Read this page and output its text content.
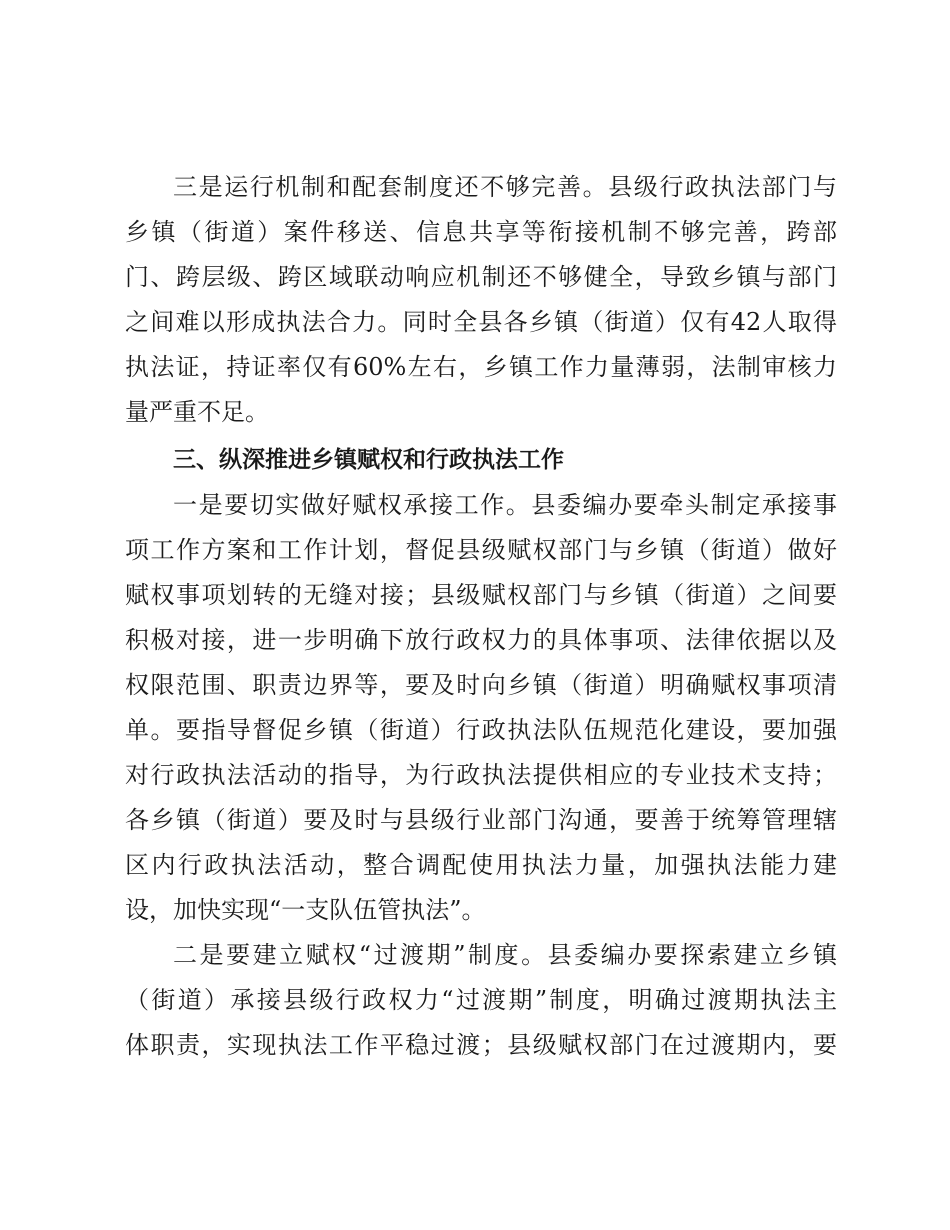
三是运行机制和配套制度还不够完善。县级行政执法部门与
乡镇（街道）案件移送、信息共享等衔接机制不够完善，跨部
门、跨层级、跨区域联动响应机制还不够健全，导致乡镇与部门
之间难以形成执法合力。同时全县各乡镇（街道）仅有42人取得
执法证，持证率仅有60%左右，乡镇工作力量薄弱，法制审核力
量严重不足。
三、纵深推进乡镇赋权和行政执法工作
一是要切实做好赋权承接工作。县委编办要牵头制定承接事
项工作方案和工作计划，督促县级赋权部门与乡镇（街道）做好
赋权事项划转的无缝对接；县级赋权部门与乡镇（街道）之间要
积极对接，进一步明确下放行政权力的具体事项、法律依据以及
权限范围、职责边界等，要及时向乡镇（街道）明确赋权事项清
单。要指导督促乡镇（街道）行政执法队伍规范化建设，要加强
对行政执法活动的指导，为行政执法提供相应的专业技术支持；
各乡镇（街道）要及时与县级行业部门沟通，要善于统筹管理辖
区内行政执法活动，整合调配使用执法力量，加强执法能力建
设，加快实现“一支队伍管执法”。
二是要建立赋权“过渡期”制度。县委编办要探索建立乡镇
（街道）承接县级行政权力“过渡期”制度，明确过渡期执法主
体职责，实现执法工作平稳过渡；县级赋权部门在过渡期内，要
